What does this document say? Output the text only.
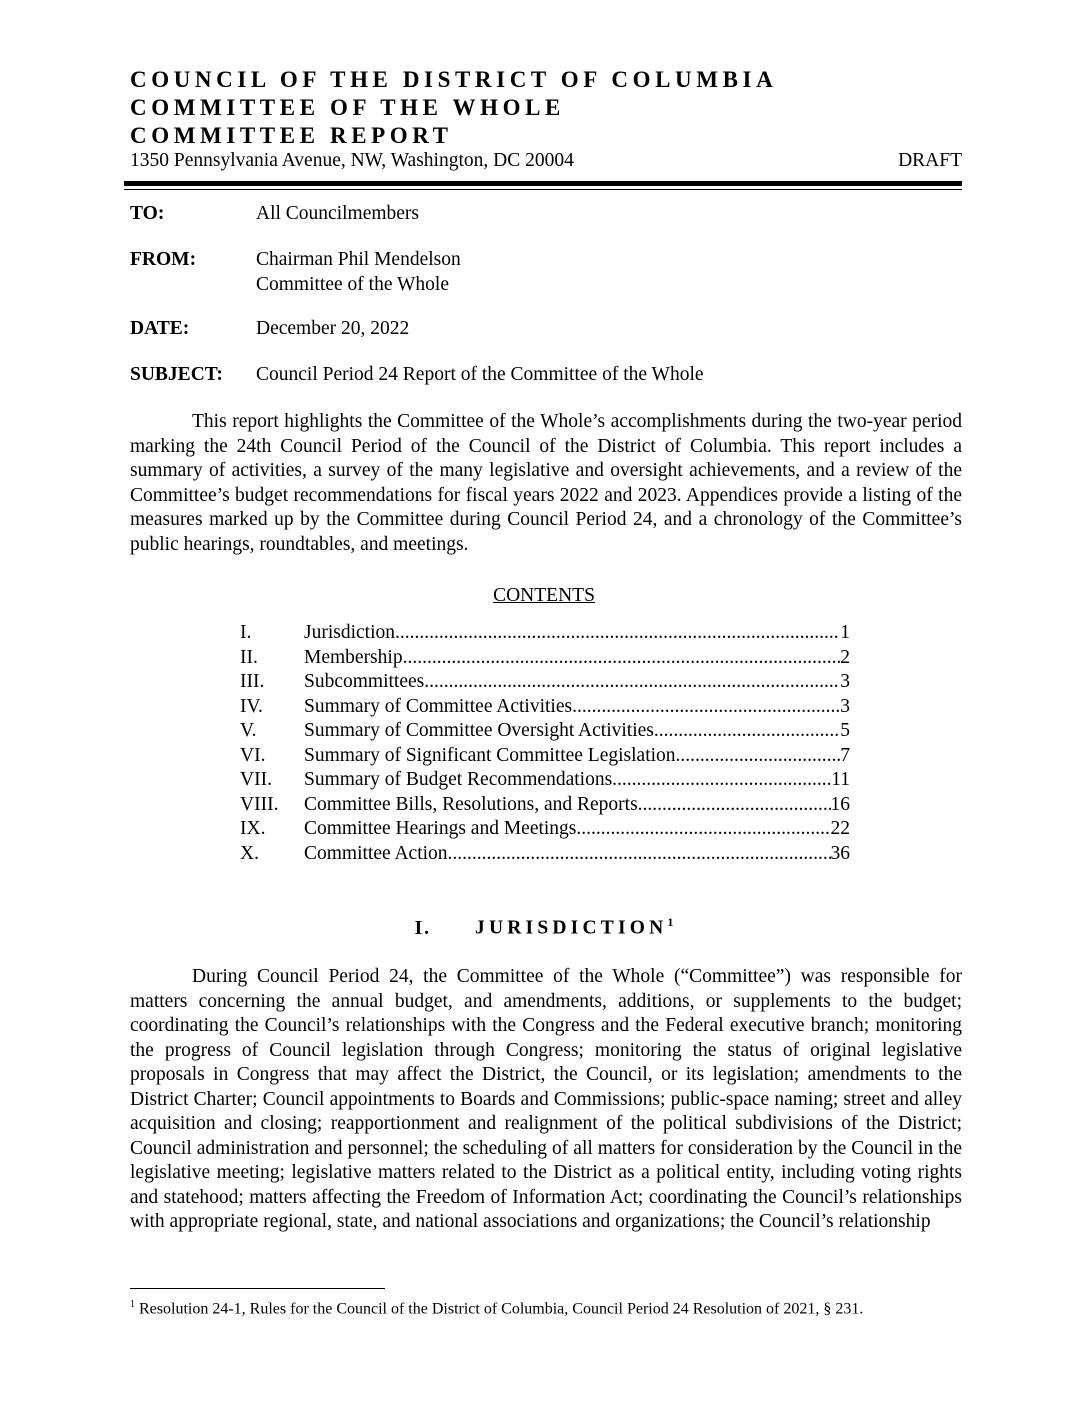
COUNCIL OF THE DISTRICT OF COLUMBIA
COMMITTEE OF THE WHOLE
COMMITTEE REPORT
1350 Pennsylvania Avenue, NW, Washington, DC 20004	DRAFT
TO:	All Councilmembers
FROM:	Chairman Phil Mendelson
Committee of the Whole
DATE:	December 20, 2022
SUBJECT: Council Period 24 Report of the Committee of the Whole

This report highlights the Committee of the Whole’s accomplishments during the two-year period marking the 24th Council Period of the Council of the District of Columbia. This report includes a summary of activities, a survey of the many legislative and oversight achievements, and a review of the Committee’s budget recommendations for fiscal years 2022 and 2023. Appendices provide a listing of the measures marked up by the Committee during Council Period 24, and a chronology of the Committee’s public hearings, roundtables, and meetings.

CONTENTS
I.	Jurisdiction .....	1
II. Membership .....	2
III. Subcommittees .....	3
IV. Summary of Committee Activities .....	3
V. Summary of Committee Oversight Activities .....	5
VI. Summary of Significant Committee Legislation .....	7
VII. Summary of Budget Recommendations .....	11
VIII. Committee Bills, Resolutions, and Reports .....	16
IX. Committee Hearings and Meetings .....	22
X. Committee Action .....	36
I. JURISDICTION$^1$

During Council Period 24, the Committee of the Whole (“Committee”) was responsible for matters concerning the annual budget, and amendments, additions, or supplements to the budget; coordinating the Council’s relationships with the Congress and the Federal executive branch; monitoring the progress of Council legislation through Congress; monitoring the status of original legislative proposals in Congress that may affect the District, the Council, or its legislation; amendments to the District Charter; Council appointments to Boards and Commissions; public-space naming; street and alley acquisition and closing; reapportionment and realignment of the political subdivisions of the District; Council administration and personnel; the scheduling of all matters for consideration by the Council in the legislative meeting; legislative matters related to the District as a political entity, including voting rights and statehood; matters affecting the Freedom of Information Act; coordinating the Council’s relationships with appropriate regional, state, and national associations and organizations; the Council’s relationship

$^1$ Resolution 24-1, Rules for the Council of the District of Columbia, Council Period 24 Resolution of 2021, § 231.
